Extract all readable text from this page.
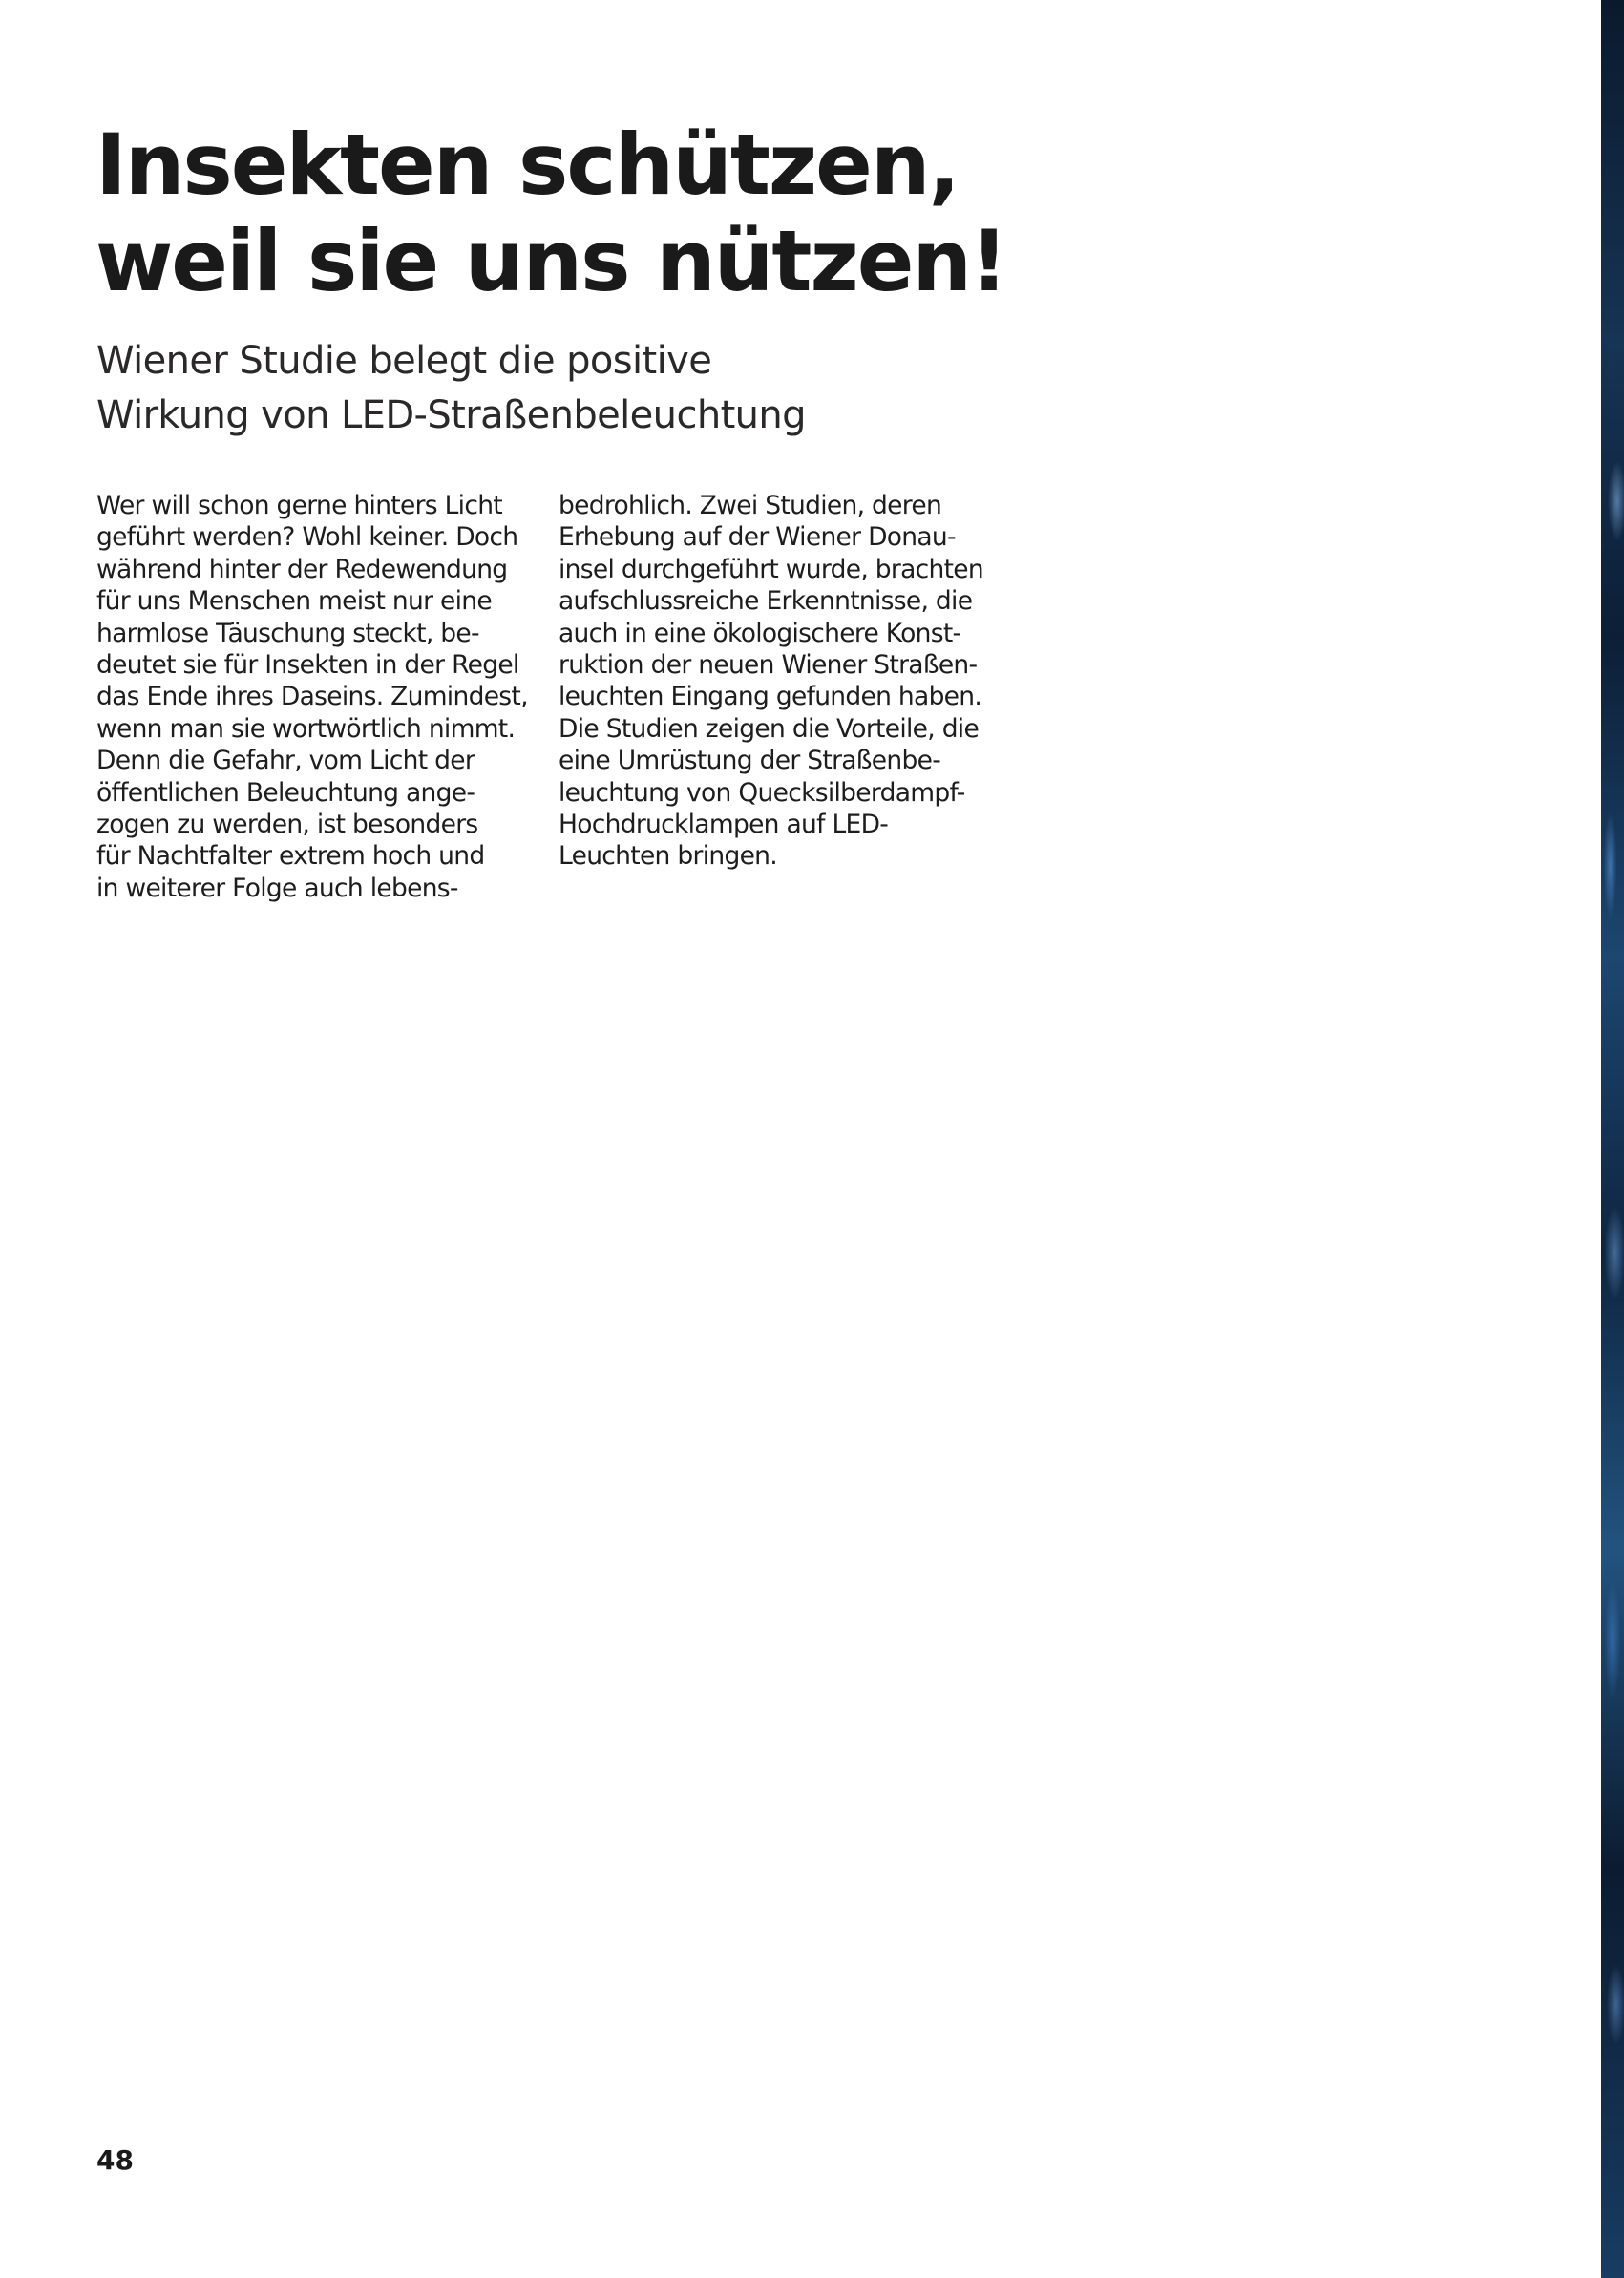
Insekten schützen,
weil sie uns nützen!
Wiener Studie belegt die positive
Wirkung von LED-Straßenbeleuchtung

Wer will schon gerne hinters Licht
geführt werden? Wohl keiner. Doch
während hinter der Redewendung
für uns Menschen meist nur eine
harmlose Täuschung steckt, be-
deutet sie für Insekten in der Regel
das Ende ihres Daseins. Zumindest,
wenn man sie wortwörtlich nimmt.
Denn die Gefahr, vom Licht der
öffentlichen Beleuchtung ange-
zogen zu werden, ist besonders
für Nachtfalter extrem hoch und
in weiterer Folge auch lebens-

bedrohlich. Zwei Studien, deren
Erhebung auf der Wiener Donau-
insel durchgeführt wurde, brachten
aufschlussreiche Erkenntnisse, die
auch in eine ökologischere Konst-
ruktion der neuen Wiener Straßen-
leuchten Eingang gefunden haben.
Die Studien zeigen die Vorteile, die
eine Umrüstung der Straßenbe-
leuchtung von Quecksilberdampf-
Hochdrucklampen auf LED-
Leuchten bringen.

48
